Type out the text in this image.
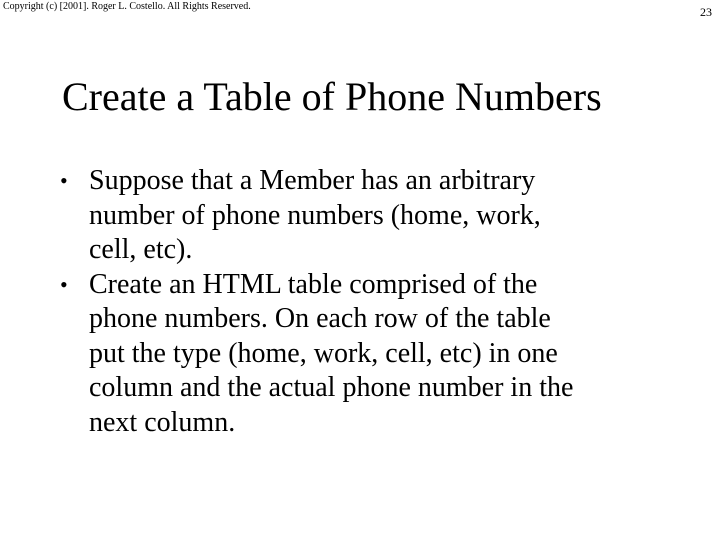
Copyright (c) [2001]. Roger L. Costello. All Rights Reserved.	23
Create a Table of Phone Numbers
• Suppose that a Member has an arbitrary
number of phone numbers (home, work,
cell, etc).
• Create an HTML table comprised of the
phone numbers. On each row of the table
put the type (home, work, cell, etc) in one
column and the actual phone number in the
next column.
